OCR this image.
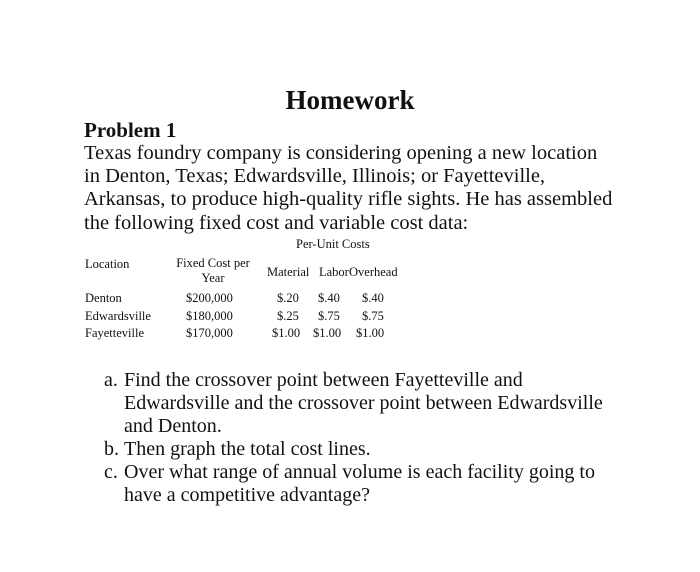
Homework
Problem 1
Texas foundry company is considering opening a new location
in Denton, Texas; Edwardsville, Illinois; or Fayetteville,
Arkansas, to produce high-quality rifle sights. He has assembled
the following fixed cost and variable cost data:
Per-Unit Costs
Location	Fixed Cost per Year	Material Labor Overhead
Denton	$200,000	$.20 $.40 $.40
Edwardsville	$180,000	$.25 $.75 $.75
Fayetteville	$170,000	$1.00 $1.00 $1.00
a. Find the crossover point between Fayetteville and
Edwardsville and the crossover point between Edwardsville
and Denton.
b. Then graph the total cost lines.
c. Over what range of annual volume is each facility going to
have a competitive advantage?
